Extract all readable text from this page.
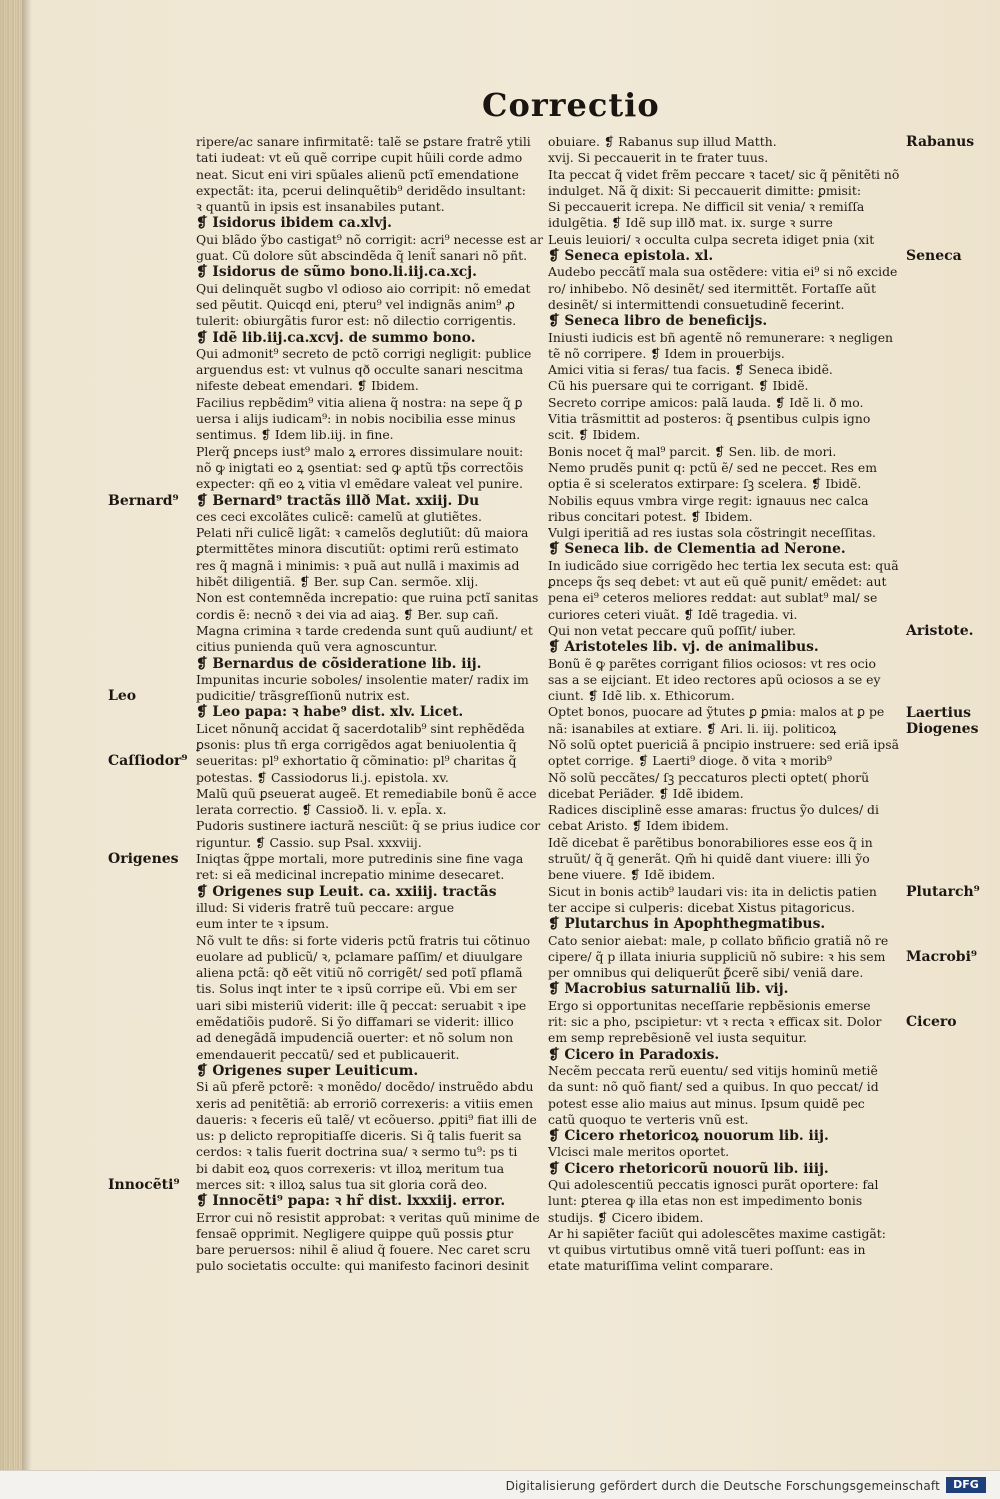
Correctio
ripere/ac sanare infirmitatẽ: talẽ se ꝑstare fratrẽ ytili
tati iudeat: vt eũ quẽ corripe cupit hũili corde admo
neat. Sicut eni viri spũales alienũ pctĩ emendatione
expectãt: ita, pcerui delinquẽtib⁹ deridẽdo insultant:
ꝛ quantũ in ipsis est insanabiles putant.
❡ Isidorus ibidem ca.xlvj.
Qui blãdo ỹbo castigat⁹ nõ corrigit: acri⁹ necesse est ar
guat. Cũ dolore sũt abscindẽda q̃ lenit̃ sanari nõ pñt.
❡ Isidorus de sũmo bono.li.iij.ca.xcj.
Qui delinquẽt sugbo vl odioso aio corripit: nõ emedat
sed pẽutit. Quicqd eni, pteru⁹ vel indignãs anim⁹ ꝓ
tulerit: obiurgãtis furor est: nõ dilectio corrigentis.
❡ Idẽ lib.iij.ca.xcvj. de summo bono.
Qui admonit⁹ secreto de pctõ corrigi negligit: publice
arguendus est: vt vulnus qð occulte sanari nescitma
nifeste debeat emendari. ❡ Ibidem.
Facilius repbẽdim⁹ vitia aliena q̃ nostra: na sepe q̃ ꝑ
uersa i alijs iudicam⁹: in nobis nocibilia esse minus
sentimus. ❡ Idem lib.iij. in fine.
Plerq̃ ꝑnceps iust⁹ malo ꝝ errores dissimulare nouit:
nõ ꝙ inigtati eo ꝝ ꝯsentiat: sed ꝙ aptũ tp̃s correctõis
expecter: qñ eo ꝝ vitia vl emẽdare valeat vel punire.
❡ Bernard⁹ tractãs illð Mat. xxiij. Du
ces ceci excolãtes culicẽ: camelũ at glutiẽtes.
Pelati nr̃i culicẽ ligãt: ꝛ camelõs deglutiũt: dũ maiora
ꝑtermittẽtes minora discutiũt: optimi rerũ estimato
res q̃ magnã i minimis: ꝛ puã aut nullã i maximis ad
hibẽt diligentiã. ❡ Ber. sup Can. sermõe. xlij.
Non est contemnẽda increpatio: que ruina pctĩ sanitas
cordis ẽ: necnõ ꝛ dei via ad aiaꝫ. ❡ Ber. sup cañ.
Magna crimina ꝛ tarde credenda sunt quũ audiunt/ et
citius punienda quũ vera agnoscuntur.
❡ Bernardus de cõsideratione lib. iij.
Impunitas incurie soboles/ insolentie mater/ radix im
pudicitie/ trãsgreſſionũ nutrix est.
❡ Leo papa: ꝛ habe⁹ dist. xlv. Licet.
Licet nõnunq̃ accidat q̃ sacerdotalib⁹ sint rephẽdẽda
ꝑsonis: plus tñ erga corrigẽdos agat beniuolentia q̃
seueritas: pl⁹ exhortatio q̃ cõminatio: pl⁹ charitas q̃
potestas. ❡ Cassiodorus li.j. epistola. xv.
Malũ quũ ꝑseuerat augeẽ. Et remediabile bonũ ẽ acce
lerata correctio. ❡ Cassioð. li. v. epl̃a. x.
Pudoris sustinere iacturã nesciũt: q̃ se prius iudice cor
riguntur. ❡ Cassio. sup Psal. xxxviij.
Iniqtas q̃ppe mortali, more putredinis sine fine vaga
ret: si eã medicinal increpatio minime desecaret.
❡ Origenes sup Leuit. ca. xxiiij. tractãs
illud: Si videris fratrẽ tuũ peccare: argue
eum inter te ꝛ ipsum.
Nõ vult te dñs: si forte videris pctũ fratris tui cõtinuo
euolare ad publicũ/ ꝛ, pclamare paſſim/ et diuulgare
aliena pctã: qð eẽt vitiũ nõ corrigẽt/ sed potĩ pflamã
tis. Solus inqt inter te ꝛ ipsũ corripe eũ. Vbi em ser
uari sibi misteriũ viderit: ille q̃ peccat: seruabit ꝛ ipe
emẽdatiõis pudorẽ. Si ỹo diffamari se viderit: illico
ad denegãdã impudenciã ouerter: et nõ solum non
emendauerit peccatũ/ sed et publicauerit.
❡ Origenes super Leuiticum.
Si aũ pferẽ pctorẽ: ꝛ monẽdo/ docẽdo/ instruẽdo abdu
xeris ad penitẽtiã: ab erroriõ correxeris: a vitiis emen
daueris: ꝛ feceris eũ talẽ/ vt ecõuerso. ꝓpiti⁹ fiat illi de
us: p delicto repropitiaſſe diceris. Si q̃ talis fuerit sa
cerdos: ꝛ talis fuerit doctrina sua/ ꝛ sermo tu⁹: ps ti
bi dabit eoꝝ quos correxeris: vt illoꝝ meritum tua
merces sit: ꝛ illoꝝ salus tua sit gloria corã deo.
❡ Innocẽti⁹ papa: ꝛ hr̃ dist. lxxxiij. error.
Error cui nõ resistit approbat: ꝛ veritas quũ minime de
fensaẽ opprimit. Negligere quippe quũ possis ꝑtur
bare peruersos: nihil ẽ aliud q̃ fouere. Nec caret scru
pulo societatis occulte: qui manifesto facinori desinit
obuiare. ❡ Rabanus sup illud Matth.
xvij. Si peccauerit in te frater tuus.
Ita peccat q̃ videt frẽm peccare ꝛ tacet/ sic q̃ pẽnitẽti nõ
indulget. Nã q̃ dixit: Si peccauerit dimitte: ꝑmisit:
Si peccauerit icrepa. Ne difficil sit venia/ ꝛ remiſſa
idulgẽtia. ❡ Idẽ sup illð mat. ix. surge ꝛ surre
Leuis leuiori/ ꝛ occulta culpa secreta idiget pnia (xit
❡ Seneca epistola. xl.
Audebo peccãtĩ mala sua ostẽdere: vitia ei⁹ si nõ excide
ro/ inhibebo. Nõ desinẽt/ sed itermittẽt. Fortaſſe aũt
desinẽt/ si intermittendi consuetudinẽ fecerint.
❡ Seneca libro de beneficijs.
Iniusti iudicis est bñ agentẽ nõ remunerare: ꝛ negligen
tẽ nõ corripere. ❡ Idem in prouerbijs.
Amici vitia si feras/ tua facis. ❡ Seneca ibidẽ.
Cũ his puersare qui te corrigant. ❡ Ibidẽ.
Secreto corripe amicos: palã lauda. ❡ Idẽ li. ð mo.
Vitia trãsmittit ad posteros: q̃ ꝑsentibus culpis igno
scit. ❡ Ibidem.
Bonis nocet q̃ mal⁹ parcit. ❡ Sen. lib. de mori.
Nemo prudẽs punit q: pctũ ẽ/ sed ne peccet. Res em
optia ẽ si sceleratos extirpare: ſꝫ scelera. ❡ Ibidẽ.
Nobilis equus vmbra virge regit: ignauus nec calca
ribus concitari potest. ❡ Ibidem.
Vulgi iperitiã ad res iustas sola cõstringit neceſſitas.
❡ Seneca lib. de Clementia ad Nerone.
In iudicãdo siue corrigẽdo hec tertia lex secuta est: quã
ꝑnceps q̃s seq debet: vt aut eũ quẽ punit/ emẽdet: aut
pena ei⁹ ceteros meliores reddat: aut sublat⁹ mal/ se
curiores ceteri viuãt. ❡ Idẽ tragedia. vi.
Qui non vetat peccare quũ poſſit/ iuber.
❡ Aristoteles lib. vj. de animalibus.
Bonũ ẽ ꝙ parẽtes corrigant filios ociosos: vt res ocio
sas a se eijciant. Et ideo rectores apũ ociosos a se ey
ciunt. ❡ Idẽ lib. x. Ethicorum.
Optet bonos, puocare ad ỹtutes ꝑ ꝑmia: malos at ꝑ pe
nã: isanabiles at extiare. ❡ Ari. li. iij. politicoꝝ
Nõ solũ optet puericiã ã pncipio instruere: sed eriã ipsã
optet corrige. ❡ Laerti⁹ dioge. ð vita ꝛ morib⁹
Nõ solũ peccãtes/ ſꝫ peccaturos plecti optet( phorũ
dicebat Periãder. ❡ Idẽ ibidem.
Radices disciplinẽ esse amaras: fructus ỹo dulces/ di
cebat Aristo. ❡ Idem ibidem.
Idẽ dicebat ẽ parẽtibus bonorabiliores esse eos q̃ in
struũt/ q̃ q̃ generãt. Qm̃ hi quidẽ dant viuere: illi ỹo
bene viuere. ❡ Idẽ ibidem.
Sicut in bonis actib⁹ laudari vis: ita in delictis patien
ter accipe si culperis: dicebat Xistus pitagoricus.
❡ Plutarchus in Apophthegmatibus.
Cato senior aiebat: male, p collato bñficio gratiã nõ re
cipere/ q̃ p illata iniuria suppliciũ nõ subire: ꝛ his sem
per omnibus qui deliquerũt ꝑ̃cerẽ sibi/ veniã dare.
❡ Macrobius saturnaliũ lib. vij.
Ergo si opportunitas neceſſarie repbẽsionis emerse
rit: sic a pho, pscipietur: vt ꝛ recta ꝛ efficax sit. Dolor
em semp reprebẽsionẽ vel iusta sequitur.
❡ Cicero in Paradoxis.
Necẽm peccata rerũ euentu/ sed vitijs hominũ metiẽ
da sunt: nõ quõ fiant/ sed a quibus. In quo peccat/ id
potest esse alio maius aut minus. Ipsum quidẽ pec
catũ quoquo te verteris vnũ est.
❡ Cicero rhetoricoꝝ nouorum lib. iij.
Vlcisci male meritos oportet.
❡ Cicero rhetoricorũ nouorũ lib. iiij.
Qui adolescentiũ peccatis ignosci purãt oportere: fal
lunt: ꝑterea ꝙ illa etas non est impedimento bonis
studijs. ❡ Cicero ibidem.
Ar hi sapiẽter faciũt qui adolescẽtes maxime castigãt:
vt quibus virtutibus omnẽ vitã tueri poſſunt: eas in
etate maturiſſima velint comparare.
Bernard⁹
Leo
Caſſiodor⁹
Origenes
Innocẽti⁹
Rabanus
Seneca
Aristote.
Laertius
Diogenes
Plutarch⁹
Macrobi⁹
Cicero
Digitalisierung gefördert durch die Deutsche Forschungsgemeinschaft	DFG
